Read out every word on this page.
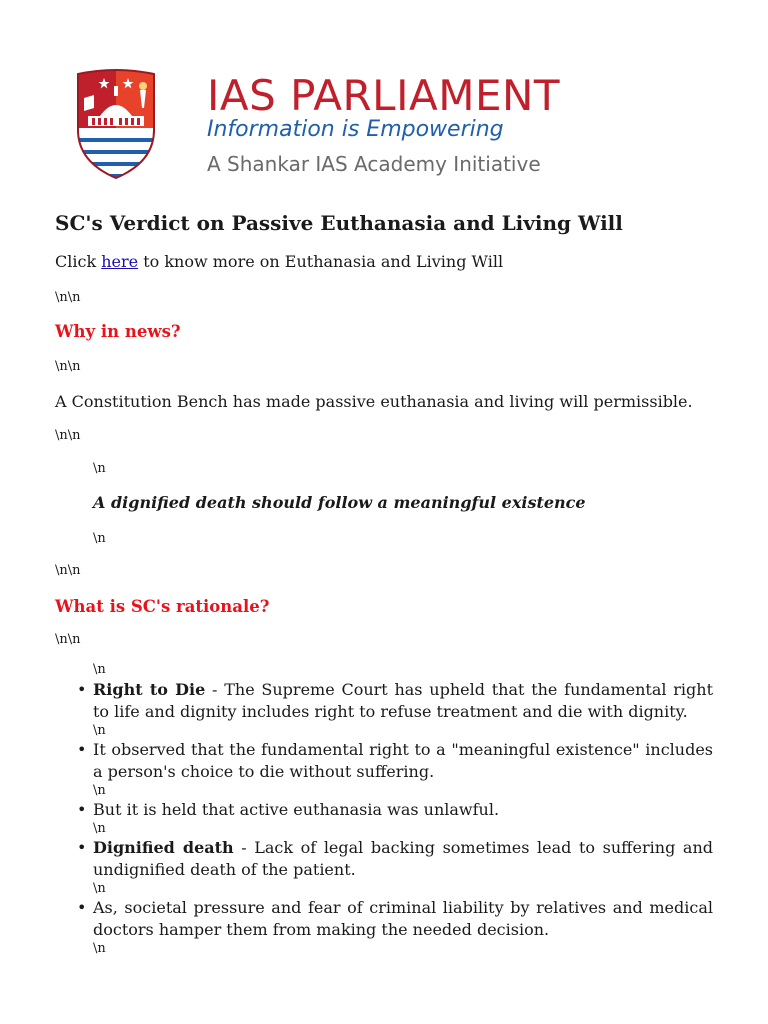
IAS PARLIAMENT
Information is Empowering
A Shankar IAS Academy Initiative
SC's Verdict on Passive Euthanasia and Living Will

Click here to know more on Euthanasia and Living Will

\n\n
Why in news?
\n\n

A Constitution Bench has made passive euthanasia and living will permissible.

\n\n
\n
A dignified death should follow a meaningful existence
\n
\n\n
What is SC's rationale?
\n\n
\n
• Right to Die - The Supreme Court has upheld that the fundamental right to life and dignity includes right to refuse treatment and die with dignity.
\n
• It observed that the fundamental right to a "meaningful existence" includes a person's choice to die without suffering.
\n
• But it is held that active euthanasia was unlawful.
\n
• Dignified death - Lack of legal backing sometimes lead to suffering and undignified death of the patient.
\n
• As, societal pressure and fear of criminal liability by relatives and medical doctors hamper them from making the needed decision.
\n
